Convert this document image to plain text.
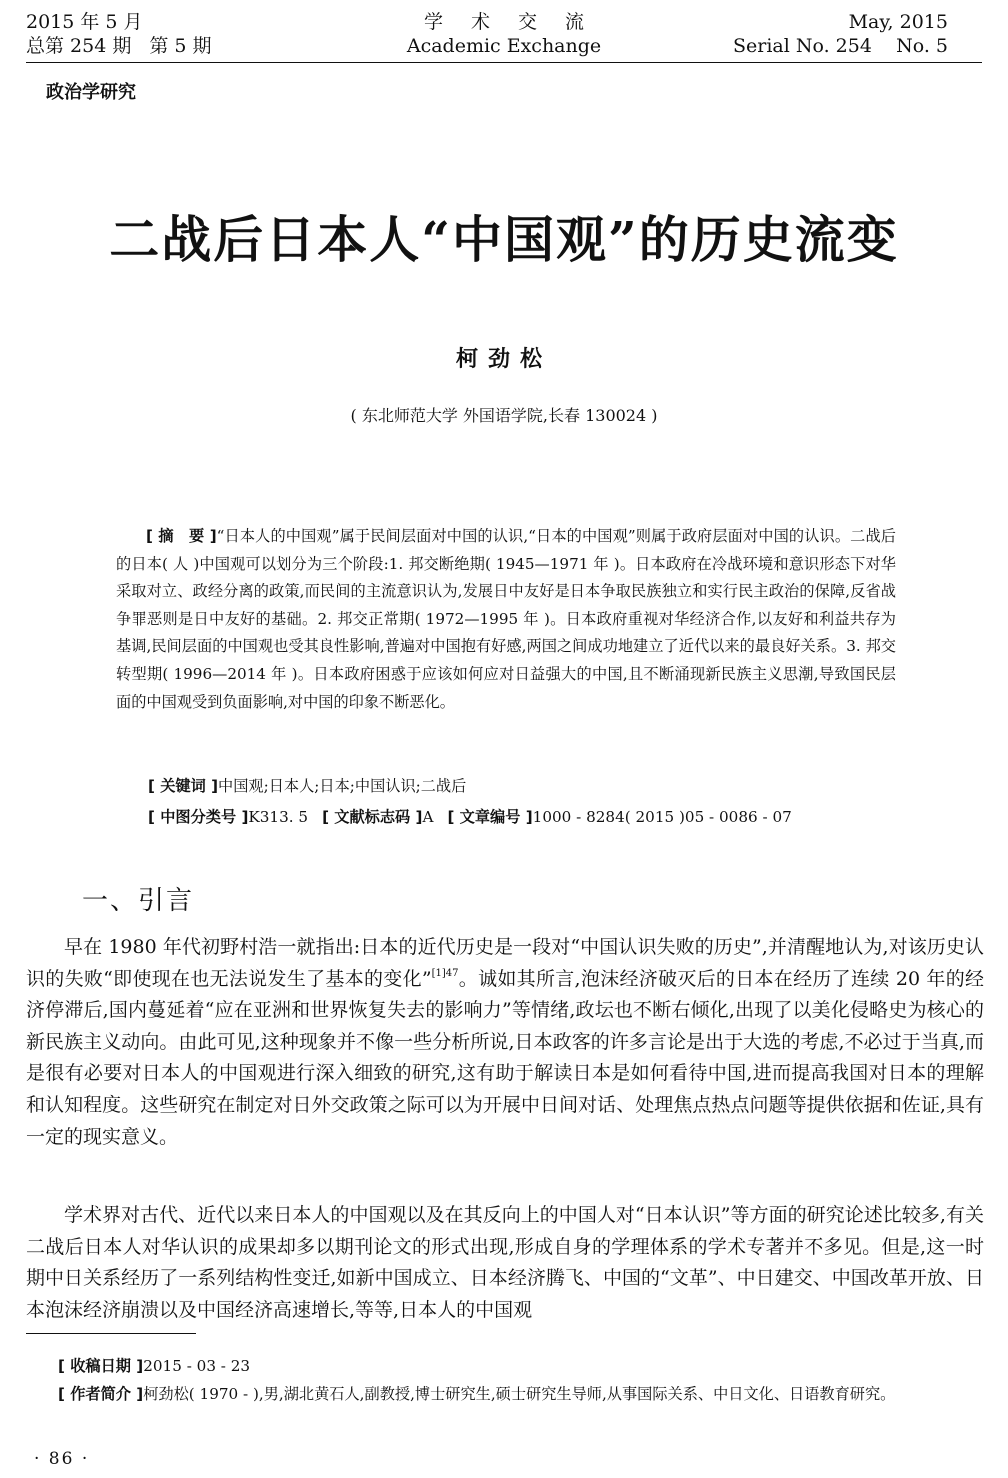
2015 年 5 月
总第 254 期 第 5 期
学术交流
Academic Exchange
May, 2015
Serial No. 254    No. 5
政治学研究
二战后日本人“中国观”的历史流变
柯劲松
( 东北师范大学 外国语学院,长春 130024 )

[ 摘　要 ]“日本人的中国观”属于民间层面对中国的认识,“日本的中国观”则属于政府层面对中国的认识。二战后的日本( 人 )中国观可以划分为三个阶段:1. 邦交断绝期( 1945—1971 年 )。日本政府在冷战环境和意识形态下对华采取对立、政经分离的政策,而民间的主流意识认为,发展日中友好是日本争取民族独立和实行民主政治的保障,反省战争罪恶则是日中友好的基础。2. 邦交正常期( 1972—1995 年 )。日本政府重视对华经济合作,以友好和利益共存为基调,民间层面的中国观也受其良性影响,普遍对中国抱有好感,两国之间成功地建立了近代以来的最良好关系。3. 邦交转型期( 1996—2014 年 )。日本政府困惑于应该如何应对日益强大的中国,且不断涌现新民族主义思潮,导致国民层面的中国观受到负面影响,对中国的印象不断恶化。

[ 关键词 ]中国观;日本人;日本;中国认识;二战后
[ 中图分类号 ]K313. 5 [ 文献标志码 ]A [ 文章编号 ]1000 - 8284( 2015 )05 - 0086 - 07
一、引言

早在 1980 年代初野村浩一就指出:日本的近代历史是一段对“中国认识失败的历史”,并清醒地认为,对该历史认识的失败“即使现在也无法说发生了基本的变化”$^{[1]47}$。诚如其所言,泡沫经济破灭后的日本在经历了连续 20 年的经济停滞后,国内蔓延着“应在亚洲和世界恢复失去的影响力”等情绪,政坛也不断右倾化,出现了以美化侵略史为核心的新民族主义动向。由此可见,这种现象并不像一些分析所说,日本政客的许多言论是出于大选的考虑,不必过于当真,而是很有必要对日本人的中国观进行深入细致的研究,这有助于解读日本是如何看待中国,进而提高我国对日本的理解和认知程度。这些研究在制定对日外交政策之际可以为开展中日间对话、处理焦点热点问题等提供依据和佐证,具有一定的现实意义。

学术界对古代、近代以来日本人的中国观以及在其反向上的中国人对“日本认识”等方面的研究论述比较多,有关二战后日本人对华认识的成果却多以期刊论文的形式出现,形成自身的学理体系的学术专著并不多见。但是,这一时期中日关系经历了一系列结构性变迁,如新中国成立、日本经济腾飞、中国的“文革”、中日建交、中国改革开放、日本泡沫经济崩溃以及中国经济高速增长,等等,日本人的中国观

[ 收稿日期 ]2015 - 03 - 23

[ 作者简介 ]柯劲松( 1970 - ),男,湖北黄石人,副教授,博士研究生,硕士研究生导师,从事国际关系、中日文化、日语教育研究。

· 86 ·
